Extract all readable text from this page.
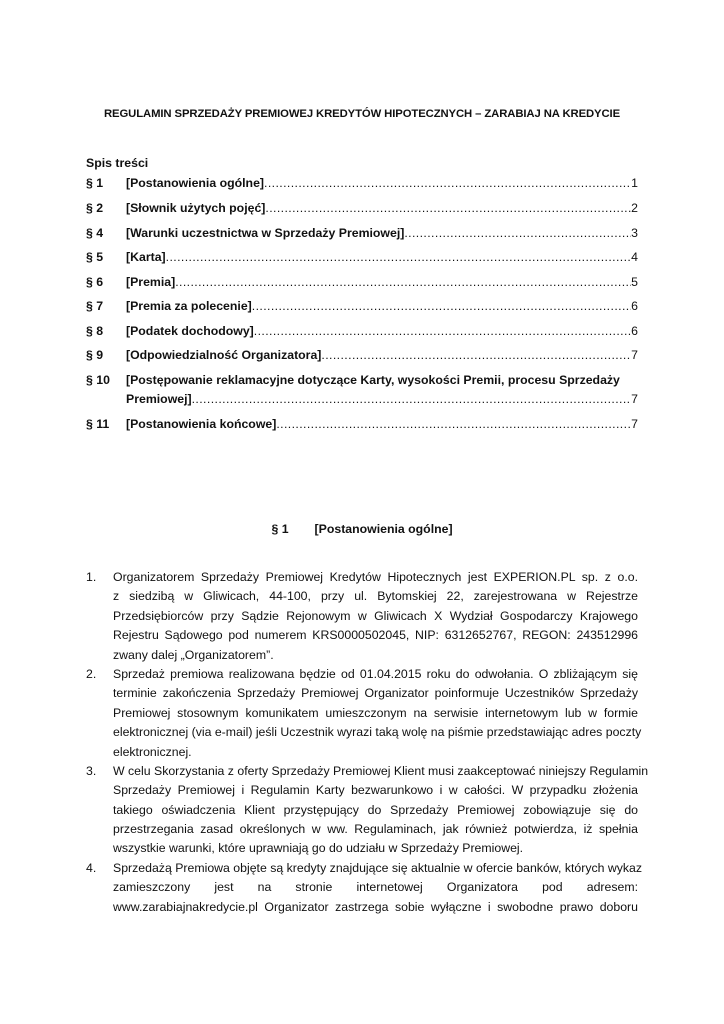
REGULAMIN SPRZEDAŻY PREMIOWEJ KREDYTÓW HIPOTECZNYCH – ZARABIAJ NA KREDYCIE
Spis treści
§ 1 [Postanowienia ogólne] .....	1
§ 2 [Słownik użytych pojęć] .....	2
§ 4 [Warunki uczestnictwa w Sprzedaży Premiowej] .....	3
§ 5 [Karta] .....	4
§ 6 [Premia] .....	5
§ 7 [Premia za polecenie] .....	6
§ 8 [Podatek dochodowy] .....	6
§ 9 [Odpowiedzialność Organizatora] .....	7
§ 10 [Postępowanie reklamacyjne dotyczące Karty, wysokości Premii, procesu Sprzedaży
Premiowej] .....	7
§ 11 [Postanowienia końcowe] .....	7
§ 1 [Postanowienia ogólne]
1. Organizatorem Sprzedaży Premiowej Kredytów Hipotecznych jest EXPERION.PL sp. z o.o.
z siedzibą w Gliwicach, 44-100, przy ul. Bytomskiej 22, zarejestrowana w Rejestrze
Przedsiębiorców przy Sądzie Rejonowym w Gliwicach X Wydział Gospodarczy Krajowego
Rejestru Sądowego pod numerem KRS0000502045, NIP: 6312652767, REGON: 243512996
zwany dalej „Organizatorem”.
2. Sprzedaż premiowa realizowana będzie od 01.04.2015 roku do odwołania. O zbliżającym się
terminie zakończenia Sprzedaży Premiowej Organizator poinformuje Uczestników Sprzedaży
Premiowej stosownym komunikatem umieszczonym na serwisie internetowym lub w formie
elektronicznej (via e-mail) jeśli Uczestnik wyrazi taką wolę na piśmie przedstawiając adres poczty
elektronicznej.
3. W celu Skorzystania z oferty Sprzedaży Premiowej Klient musi zaakceptować niniejszy Regulamin
Sprzedaży Premiowej i Regulamin Karty bezwarunkowo i w całości. W przypadku złożenia
takiego oświadczenia Klient przystępujący do Sprzedaży Premiowej zobowiązuje się do
przestrzegania zasad określonych w ww. Regulaminach, jak również potwierdza, iż spełnia
wszystkie warunki, które uprawniają go do udziału w Sprzedaży Premiowej.
4. Sprzedażą Premiowa objęte są kredyty znajdujące się aktualnie w ofercie banków, których wykaz
zamieszczony jest na stronie internetowej Organizatora pod adresem:
www.zarabiajnakredycie.pl Organizator zastrzega sobie wyłączne i swobodne prawo doboru
